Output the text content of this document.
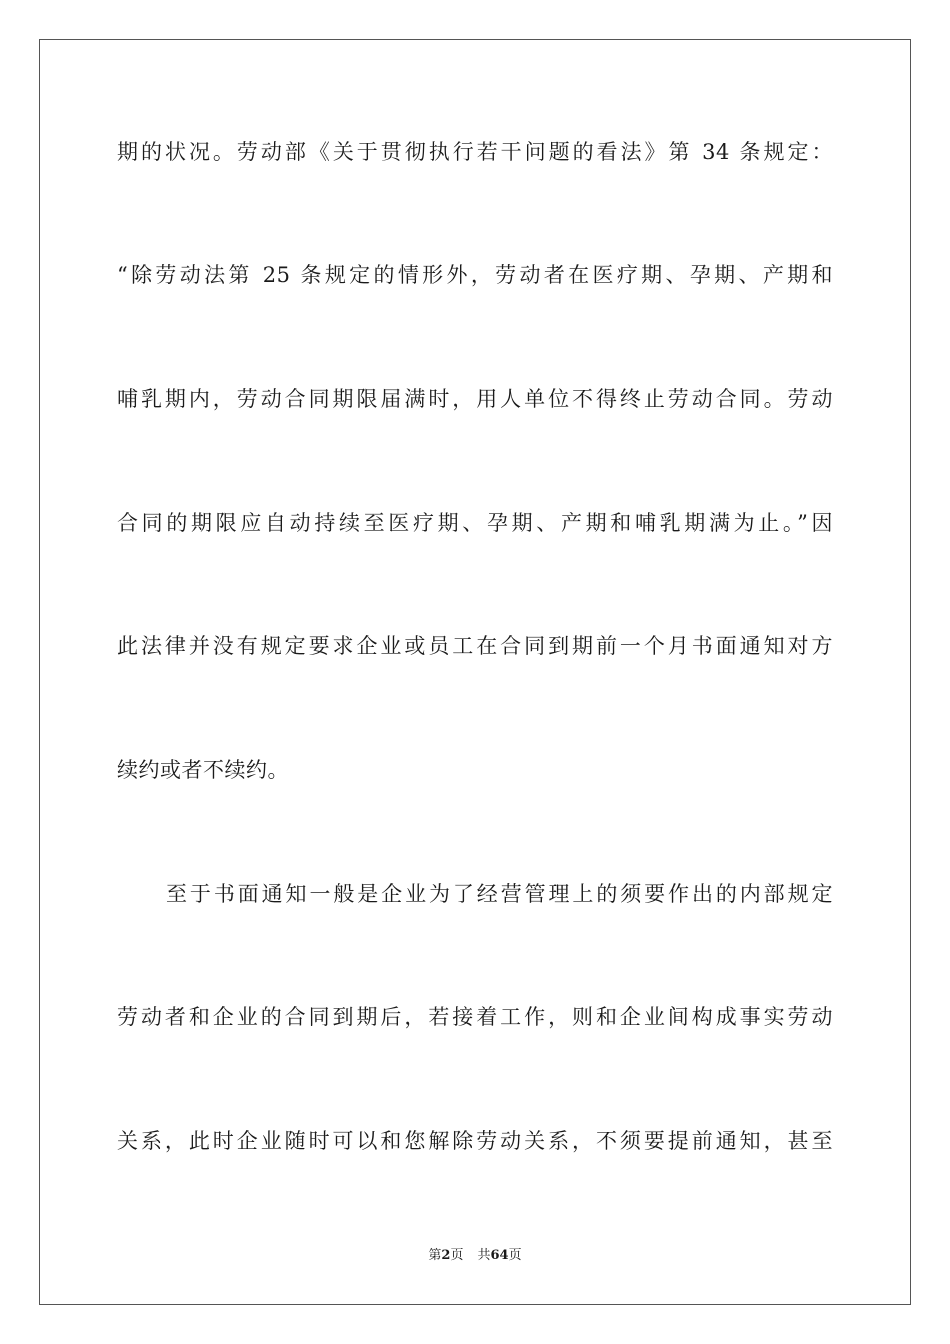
期的状况。劳动部《关于贯彻执行若干问题的看法》第 34 条规定：
“除劳动法第 25 条规定的情形外，劳动者在医疗期、孕期、产期和
哺乳期内，劳动合同期限届满时，用人单位不得终止劳动合同。劳动
合同的期限应自动持续至医疗期、孕期、产期和哺乳期满为止。”因
此法律并没有规定要求企业或员工在合同到期前一个月书面通知对方
续约或者不续约。
至于书面通知一般是企业为了经营管理上的须要作出的内部规定
劳动者和企业的合同到期后，若接着工作，则和企业间构成事实劳动
关系，此时企业随时可以和您解除劳动关系，不须要提前通知，甚至
第2页 共64页
